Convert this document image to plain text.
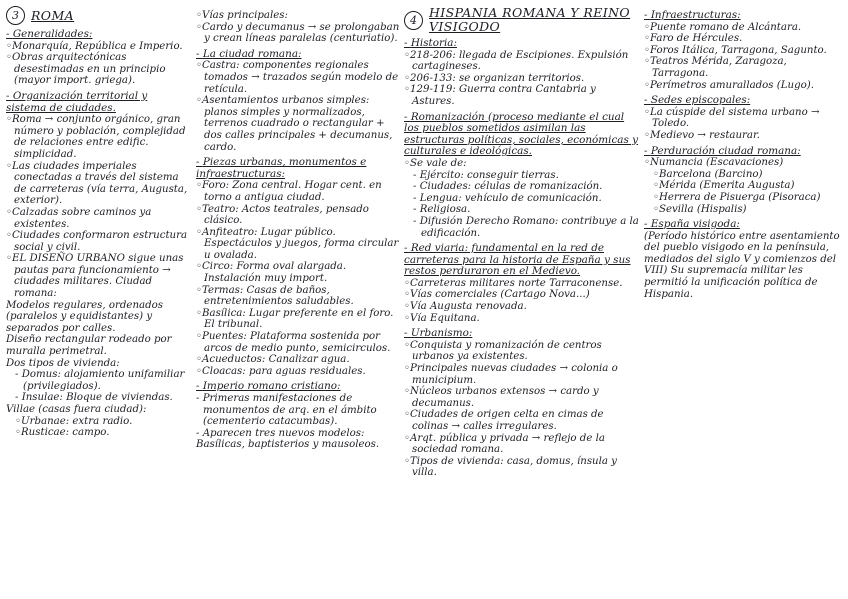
3 ROMA
- Generalidades:
◦ Monarquía, República e Imperio.
◦ Obras arquitectónicas desestimadas en un principio (mayor import. griega).
- Organización territorial y sistema de ciudades.
◦ Roma → conjunto orgánico, gran número y población, complejidad de relaciones entre edific. simplicidad.
◦ Las ciudades imperiales conectadas a través del sistema de carreteras (vía terra, Augusta, exterior).
◦ Calzadas sobre caminos ya existentes.
◦ Ciudades conformaron estructura social y civil.
◦ EL DISEÑO URBANO sigue unas pautas para funcionamiento → ciudades militares. Ciudad romana:
Modelos regulares, ordenados (paralelos y equidistantes) y separados por calles.
Diseño rectangular rodeado por muralla perimetral.
Dos tipos de vivienda:
- Domus: alojamiento unifamiliar (privilegiados).
- Insulae: Bloque de viviendas.
Villae (casas fuera ciudad):
◦ Urbanae: extra radio.
◦ Rusticae: campo.
◦ Vías principales:
◦ Cardo y decumanus → se prolongaban y crean líneas paralelas (centuriatio).
- La ciudad romana:
◦ Castra: componentes regionales tomados → trazados según modelo de retícula.
◦ Asentamientos urbanos simples: planos simples y normalizados, terrenos cuadrado o rectangular + dos calles principales + decumanus, cardo.
- Piezas urbanas, monumentos e infraestructuras:
◦ Foro: Zona central. Hogar cent. en torno a antigua ciudad.
◦ Teatro: Actos teatrales, pensado clásico.
◦ Anfiteatro: Lugar público. Espectáculos y juegos, forma circular u ovalada.
◦ Circo: Forma oval alargada. Instalación muy import.
◦ Termas: Casas de baños, entretenimientos saludables.
◦ Basílica: Lugar preferente en el foro. El tribunal.
◦ Puentes: Plataforma sostenida por arcos de medio punto, semicirculos.
◦ Acueductos: Canalizar agua.
◦ Cloacas: para aguas residuales.
- Imperio romano cristiano:
- Primeras manifestaciones de monumentos de arq. en el ámbito (cementerio catacumbas).
- Aparecen tres nuevos modelos:
Basílicas, baptisterios y mausoleos.
4 HISPANIA ROMANA Y REINO VISIGODO
- Historia:
◦ 218-206: llegada de Escipiones. Expulsión cartagineses.
◦ 206-133: se organizan territorios.
◦ 129-119: Guerra contra Cantabria y Astures.
- Romanización (proceso mediante el cual los pueblos sometidos asimilan las estructuras políticas, sociales, económicas y culturales e ideológicas.
◦ Se vale de:
- Ejército: conseguir tierras.
- Ciudades: células de romanización.
- Lengua: vehículo de comunicación.
- Religiosa.
- Difusión Derecho Romano: contribuye a la edificación.
- Red viaria: fundamental en la red de carreteras para la historia de España y sus restos perduraron en el Medievo.
◦ Carreteras militares norte Tarraconense.
◦ Vías comerciales (Cartago Nova...)
◦ Vía Augusta renovada.
◦ Vía Equitana.
- Urbanismo:
◦ Conquista y romanización de centros urbanos ya existentes.
◦ Principales nuevas ciudades → colonia o municipium.
◦ Núcleos urbanos extensos → cardo y decumanus.
◦ Ciudades de origen celta en cimas de colinas → calles irregulares.
◦ Arqt. pública y privada → reflejo de la sociedad romana.
◦ Tipos de vivienda: casa, domus, ínsula y villa.
- Infraestructuras:
◦ Puente romano de Alcántara.
◦ Faro de Hércules.
◦ Foros Itálica, Tarragona, Sagunto.
◦ Teatros Mérida, Zaragoza, Tarragona.
◦ Perímetros amurallados (Lugo).
- Sedes episcopales:
◦ La cúspide del sistema urbano → Toledo.
◦ Medievo → restaurar.
- Perduración ciudad romana:
◦ Numancia (Escavaciones)
◦ Barcelona (Barcino)
◦ Mérida (Emerita Augusta)
◦ Herrera de Pisuerga (Pisoraca)
◦ Sevilla (Hispalis)
- España visigoda:
(Período histórico entre asentamiento del pueblo visigodo en la península, mediados del siglo V y comienzos del VIII) Su supremacía militar les permitió la unificación política de Hispania.
